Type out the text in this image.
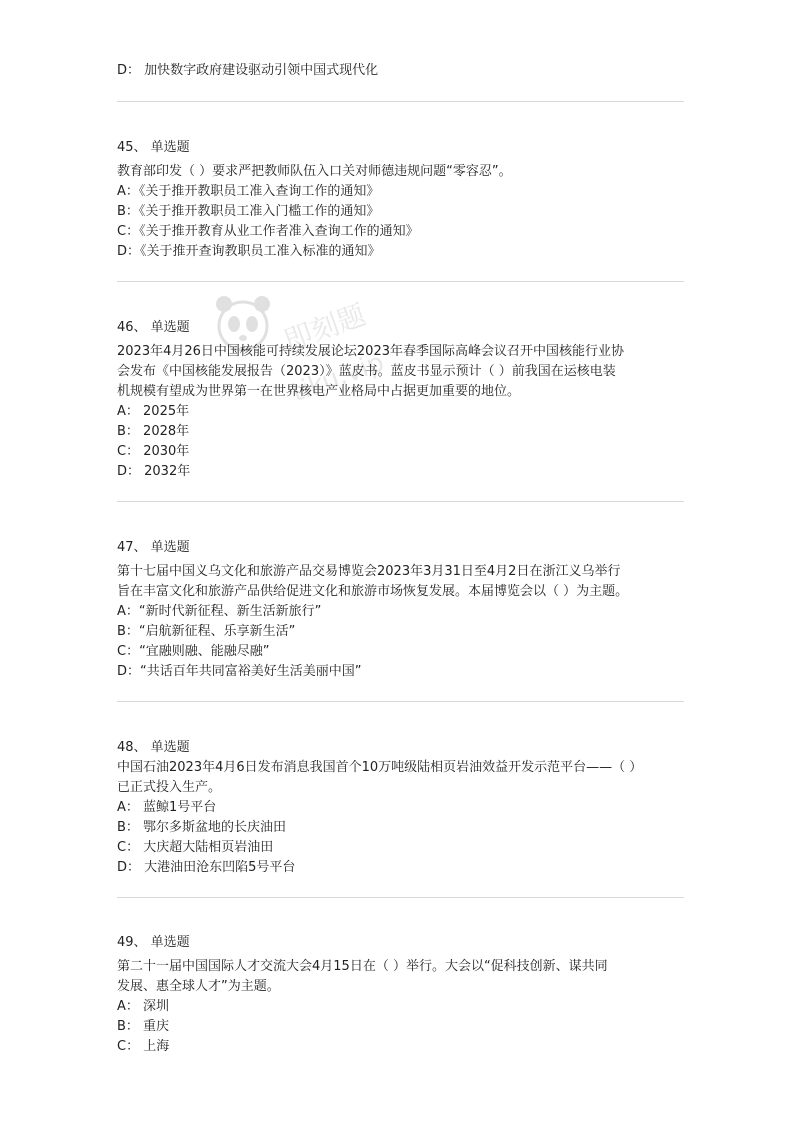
即刻题
tiku.vip
D： 加快数字政府建设驱动引领中国式现代化
45、 单选题
教育部印发（ ）要求严把教师队伍入口关对师德违规问题“零容忍”。
A：《关于推开教职员工准入查询工作的通知》
B：《关于推开教职员工准入门槛工作的通知》
C：《关于推开教育从业工作者准入查询工作的通知》
D：《关于推开查询教职员工准入标准的通知》
46、 单选题
2023年4月26日中国核能可持续发展论坛2023年春季国际高峰会议召开中国核能行业协
会发布《中国核能发展报告（2023）》蓝皮书。蓝皮书显示预计（ ）前我国在运核电装
机规模有望成为世界第一在世界核电产业格局中占据更加重要的地位。
A： 2025年
B： 2028年
C： 2030年
D： 2032年
47、 单选题
第十七届中国义乌文化和旅游产品交易博览会2023年3月31日至4月2日在浙江义乌举行
旨在丰富文化和旅游产品供给促进文化和旅游市场恢复发展。本届博览会以（ ）为主题。
A：“新时代新征程、新生活新旅行”
B：“启航新征程、乐享新生活”
C：“宜融则融、能融尽融”
D：“共话百年共同富裕美好生活美丽中国”
48、 单选题
中国石油2023年4月6日发布消息我国首个10万吨级陆相页岩油效益开发示范平台——（ ）
已正式投入生产。
A： 蓝鲸1号平台
B： 鄂尔多斯盆地的长庆油田
C： 大庆超大陆相页岩油田
D： 大港油田沧东凹陷5号平台
49、 单选题
第二十一届中国国际人才交流大会4月15日在（ ）举行。大会以“促科技创新、谋共同
发展、惠全球人才”为主题。
A： 深圳
B： 重庆
C： 上海
